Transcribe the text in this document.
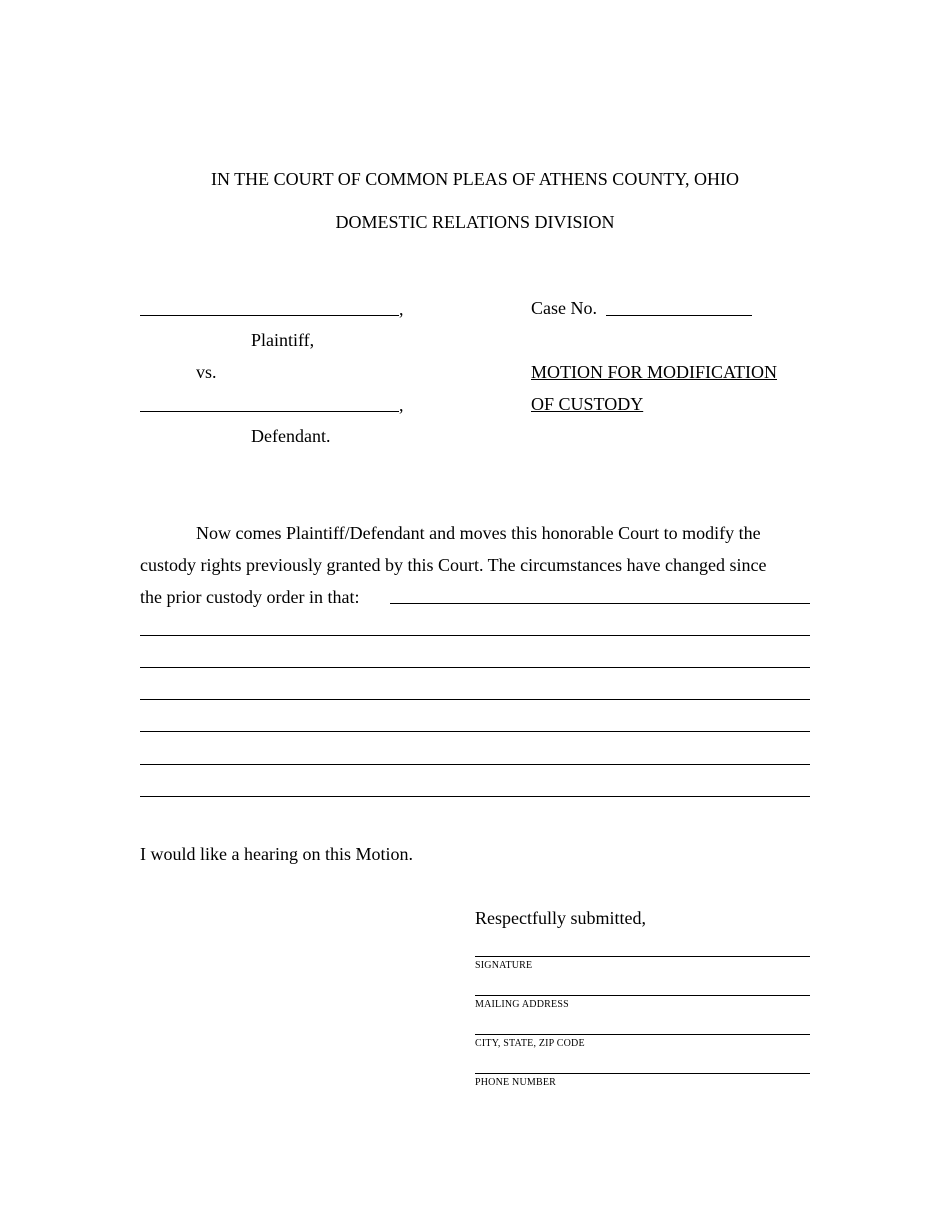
IN THE COURT OF COMMON PLEAS OF ATHENS COUNTY, OHIO
DOMESTIC RELATIONS DIVISION
,
Plaintiff,
vs.
,
Defendant.
Case No.
MOTION FOR MODIFICATION
OF CUSTODY
Now comes Plaintiff/Defendant and moves this honorable Court to modify the
custody rights previously granted by this Court. The circumstances have changed since
the prior custody order in that:
I would like a hearing on this Motion.
Respectfully submitted,
SIGNATURE
MAILING ADDRESS
CITY, STATE, ZIP CODE
PHONE NUMBER
